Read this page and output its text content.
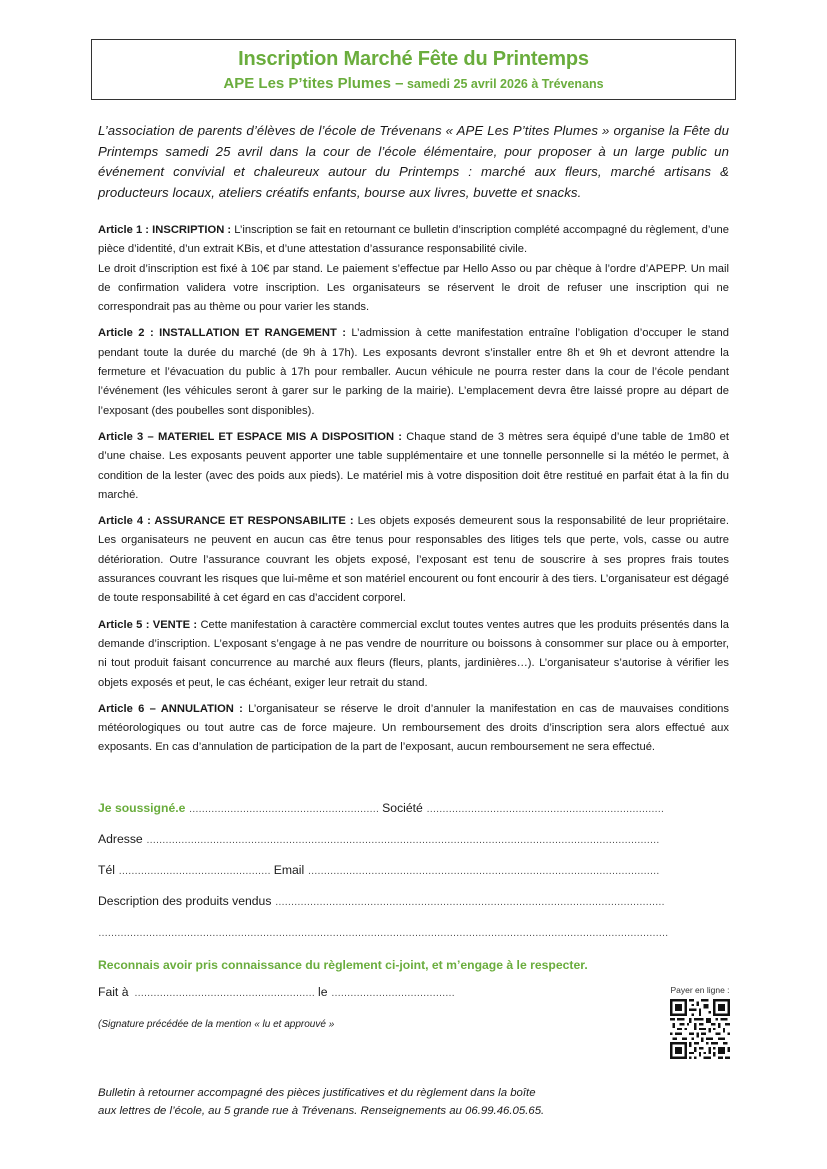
Inscription Marché Fête du Printemps
APE Les P’tites Plumes – samedi 25 avril 2026 à Trévenans
L’association de parents d’élèves de l’école de Trévenans « APE Les P’tites Plumes » organise la Fête du Printemps samedi 25 avril dans la cour de l’école élémentaire, pour proposer à un large public un événement convivial et chaleureux autour du Printemps : marché aux fleurs, marché artisans & producteurs locaux, ateliers créatifs enfants, bourse aux livres, buvette et snacks.

Article 1 : INSCRIPTION : L’inscription se fait en retournant ce bulletin d’inscription complété accompagné du règlement, d’une pièce d’identité, d’un extrait KBis, et d’une attestation d’assurance responsabilité civile.

Le droit d’inscription est fixé à 10€ par stand. Le paiement s’effectue par Hello Asso ou par chèque à l’ordre d’APEPP. Un mail de confirmation validera votre inscription. Les organisateurs se réservent le droit de refuser une inscription qui ne correspondrait pas au thème ou pour varier les stands.

Article 2 : INSTALLATION ET RANGEMENT : L’admission à cette manifestation entraîne l’obligation d’occuper le stand pendant toute la durée du marché (de 9h à 17h). Les exposants devront s’installer entre 8h et 9h et devront attendre la fermeture et l’évacuation du public à 17h pour remballer. Aucun véhicule ne pourra rester dans la cour de l’école pendant l’événement (les véhicules seront à garer sur le parking de la mairie). L’emplacement devra être laissé propre au départ de l’exposant (des poubelles sont disponibles).

Article 3 – MATERIEL ET ESPACE MIS A DISPOSITION : Chaque stand de 3 mètres sera équipé d’une table de 1m80 et d’une chaise. Les exposants peuvent apporter une table supplémentaire et une tonnelle personnelle si la météo le permet, à condition de la lester (avec des poids aux pieds). Le matériel mis à votre disposition doit être restitué en parfait état à la fin du marché.

Article 4 : ASSURANCE ET RESPONSABILITE : Les objets exposés demeurent sous la responsabilité de leur propriétaire. Les organisateurs ne peuvent en aucun cas être tenus pour responsables des litiges tels que perte, vols, casse ou autre détérioration. Outre l’assurance couvrant les objets exposé, l’exposant est tenu de souscrire à ses propres frais toutes assurances couvrant les risques que lui-même et son matériel encourent ou font encourir à des tiers. L’organisateur est dégagé de toute responsabilité à cet égard en cas d’accident corporel.

Article 5 : VENTE : Cette manifestation à caractère commercial exclut toutes ventes autres que les produits présentés dans la demande d’inscription. L’exposant s’engage à ne pas vendre de nourriture ou boissons à consommer sur place ou à emporter, ni tout produit faisant concurrence au marché aux fleurs (fleurs, plants, jardinières…). L’organisateur s’autorise à vérifier les objets exposés et peut, le cas échéant, exiger leur retrait du stand.

Article 6 – ANNULATION : L’organisateur se réserve le droit d’annuler la manifestation en cas de mauvaises conditions météorologiques ou tout autre cas de force majeure. Un remboursement des droits d’inscription sera alors effectué aux exposants. En cas d’annulation de participation de la part de l’exposant, aucun remboursement ne sera effectué.

Je soussigné.e …………………………………………………… Société …………………………………………………………………
Adresse ………………………………………………………………………………………………………………………………………………
Tél ………………………………………… Email …………………………………………………………………………………………………
Description des produits vendus ……………………………………………………………………………………………………………
………………………………………………………………………………………………………………………………………………………………
Reconnais avoir pris connaissance du règlement ci-joint, et m’engage à le respecter.
Fait à  ………………………………………………… le …………………………………
(Signature précédée de la mention « lu et approuvé »
Payer en ligne :
Bulletin à retourner accompagné des pièces justificatives et du règlement dans la boîte
aux lettres de l’école, au 5 grande rue à Trévenans. Renseignements au 06.99.46.05.65.
